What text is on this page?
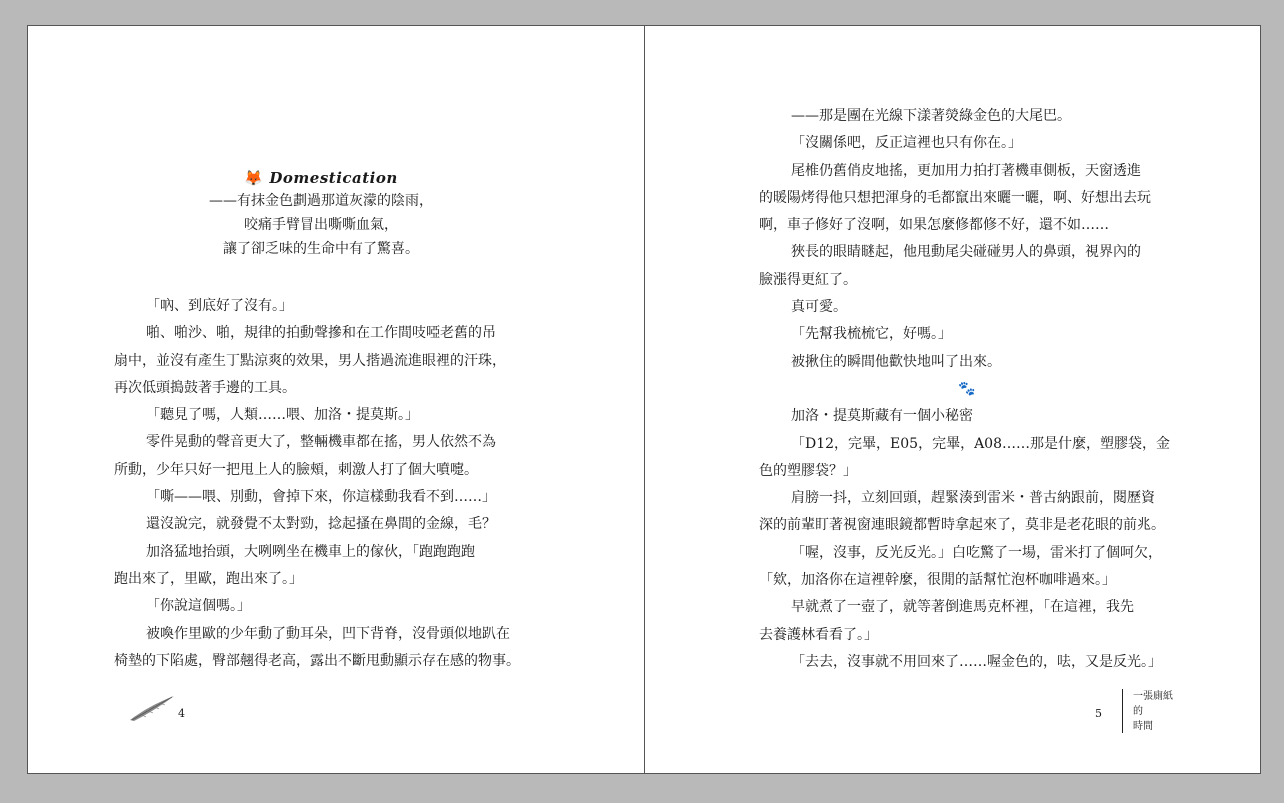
🦊 Domestication
——有抹金色劃過那道灰濛的陰雨，
咬痛手臂冒出嘶嘶血氣，
讓了卻乏味的生命中有了驚喜。

「吶、到底好了沒有。」

啪、啪沙、啪，規律的拍動聲摻和在工作間吱啞老舊的吊

扇中，並沒有產生丁點涼爽的效果，男人揩過流進眼裡的汗珠，

再次低頭搗鼓著手邊的工具。

「聽見了嗎，人類……喂、加洛・提莫斯。」

零件晃動的聲音更大了，整輛機車都在搖，男人依然不為

所動，少年只好一把甩上人的臉頰，刺激人打了個大噴嚏。

「嘶——喂、別動，會掉下來，你這樣動我看不到……」

還沒說完，就發覺不太對勁，捻起搔在鼻間的金線，毛？

加洛猛地抬頭，大咧咧坐在機車上的傢伙，「跑跑跑跑

跑出來了，里歐，跑出來了。」

「你說這個嗎。」

被喚作里歐的少年動了動耳朵，凹下背脊，沒骨頭似地趴在

椅墊的下陷處，臀部翹得老高，露出不斷甩動顯示存在感的物事。

4

——那是團在光線下漾著熒綠金色的大尾巴。

「沒關係吧，反正這裡也只有你在。」

尾椎仍舊俏皮地搖，更加用力拍打著機車側板，天窗透進

的暖陽烤得他只想把渾身的毛都竄出來曬一曬，啊、好想出去玩

啊，車子修好了沒啊，如果怎麼修都修不好，還不如……

狹長的眼睛瞇起，他甩動尾尖碰碰男人的鼻頭，視界內的

臉漲得更紅了。

真可愛。

「先幫我梳梳它，好嗎。」

被揪住的瞬間他歡快地叫了出來。

🐾

加洛・提莫斯藏有一個小秘密

「D12，完畢，E05，完畢，A08……那是什麼，塑膠袋，金

色的塑膠袋？」

肩膀一抖，立刻回頭，趕緊湊到雷米・普古納跟前，閱歷資

深的前輩盯著視窗連眼鏡都暫時拿起來了，莫非是老花眼的前兆。

「喔，沒事，反光反光。」白吃驚了一場，雷米打了個呵欠，

「欸，加洛你在這裡幹麼，很閒的話幫忙泡杯咖啡過來。」

早就煮了一壺了，就等著倒進馬克杯裡，「在這裡，我先

去養護林看看了。」

「去去，沒事就不用回來了……喔金色的，呿，又是反光。」

5
一張廁紙
的
時間
